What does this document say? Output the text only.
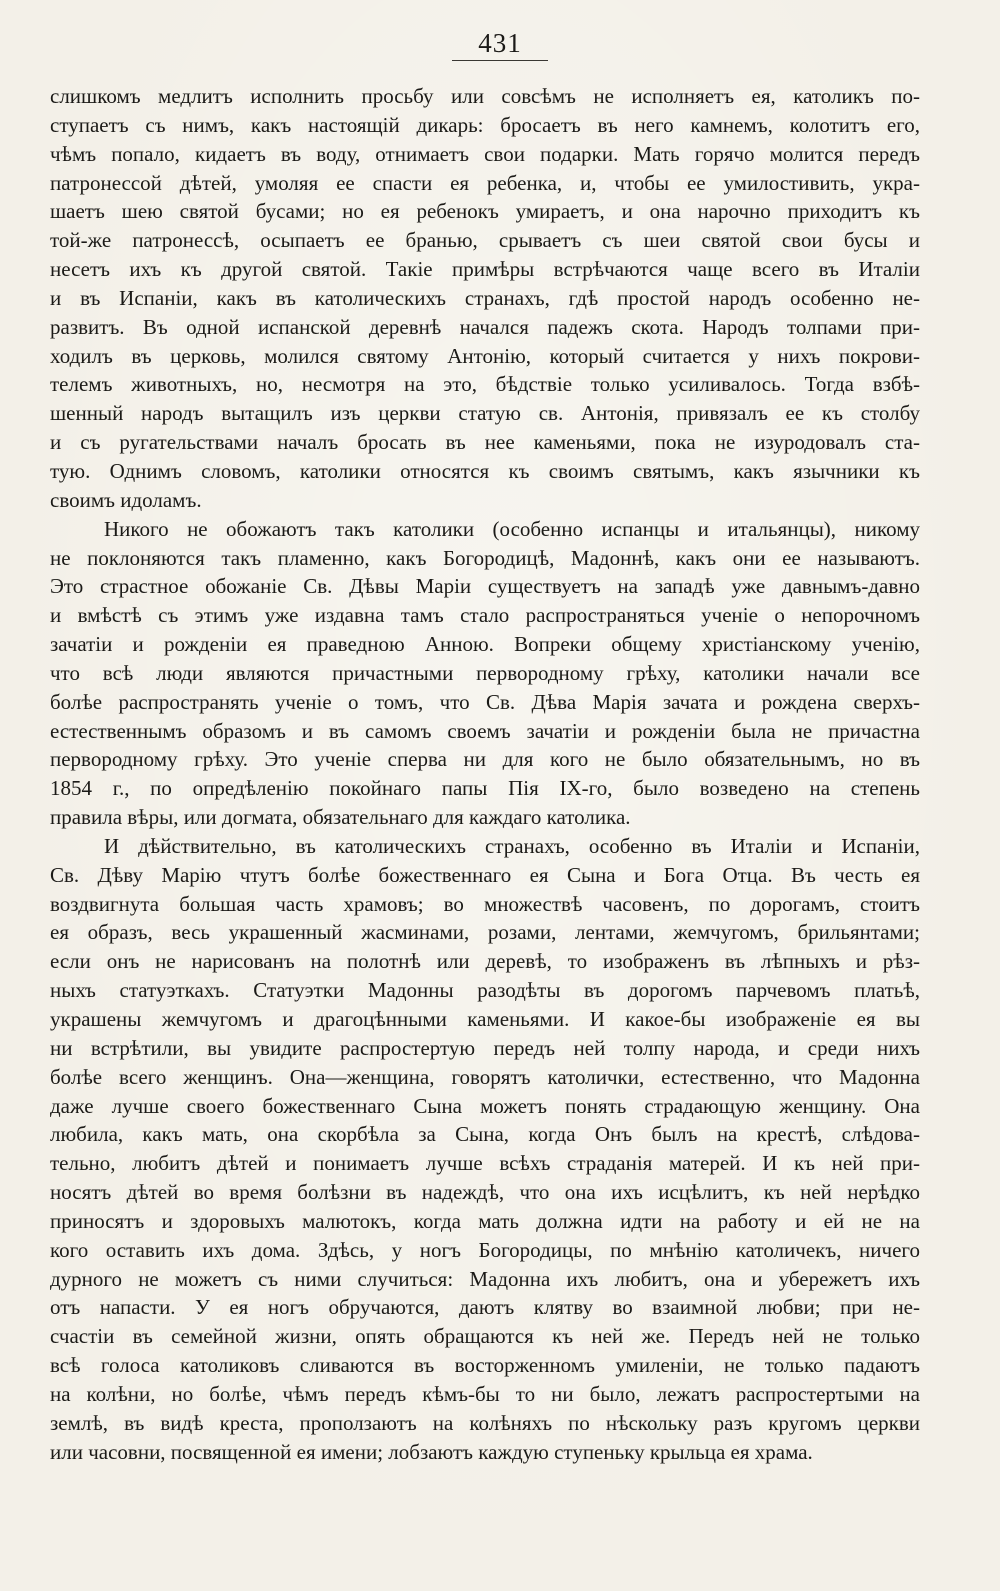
431
слишкомъ медлитъ исполнить просьбу или совсѣмъ не исполняетъ ея, католикъ по-
ступаетъ съ нимъ, какъ настоящій дикарь: бросаетъ въ него камнемъ, колотитъ его,
чѣмъ попало, кидаетъ въ воду, отнимаетъ свои подарки. Мать горячо молится передъ
патронессой дѣтей, умоляя ее спасти ея ребенка, и, чтобы ее умилостивить, укра-
шаетъ шею святой бусами; но ея ребенокъ умираетъ, и она нарочно приходитъ къ
той-же патронессѣ, осыпаетъ ее бранью, срываетъ съ шеи святой свои бусы и
несетъ ихъ къ другой святой. Такіе примѣры встрѣчаются чаще всего въ Италіи
и въ Испаніи, какъ въ католическихъ странахъ, гдѣ простой народъ особенно не-
развитъ. Въ одной испанской деревнѣ начался падежъ скота. Народъ толпами при-
ходилъ въ церковь, молился святому Антонію, который считается у нихъ покрови-
телемъ животныхъ, но, несмотря на это, бѣдствіе только усиливалось. Тогда взбѣ-
шенный народъ вытащилъ изъ церкви статую св. Антонія, привязалъ ее къ столбу
и съ ругательствами началъ бросать въ нее каменьями, пока не изуродовалъ ста-
тую. Однимъ словомъ, католики относятся къ своимъ святымъ, какъ язычники къ
своимъ идоламъ.
Никого не обожаютъ такъ католики (особенно испанцы и итальянцы), никому
не поклоняются такъ пламенно, какъ Богородицѣ, Мадоннѣ, какъ они ее называютъ.
Это страстное обожаніе Св. Дѣвы Маріи существуетъ на западѣ уже давнымъ-давно
и вмѣстѣ съ этимъ уже издавна тамъ стало распространяться ученіе о непорочномъ
зачатіи и рожденіи ея праведною Анною. Вопреки общему христіанскому ученію,
что всѣ люди являются причастными первородному грѣху, католики начали все
болѣе распространять ученіе о томъ, что Св. Дѣва Марія зачата и рождена сверхъ-
естественнымъ образомъ и въ самомъ своемъ зачатіи и рожденіи была не причастна
первородному грѣху. Это ученіе сперва ни для кого не было обязательнымъ, но въ
1854 г., по опредѣленію покойнаго папы Пія IX-го, было возведено на степень
правила вѣры, или догмата, обязательнаго для каждаго католика.
И дѣйствительно, въ католическихъ странахъ, особенно въ Италіи и Испаніи,
Св. Дѣву Марію чтутъ болѣе божественнаго ея Сына и Бога Отца. Въ честь ея
воздвигнута большая часть храмовъ; во множествѣ часовенъ, по дорогамъ, стоитъ
ея образъ, весь украшенный жасминами, розами, лентами, жемчугомъ, брильянтами;
если онъ не нарисованъ на полотнѣ или деревѣ, то изображенъ въ лѣпныхъ и рѣз-
ныхъ статуэткахъ. Статуэтки Мадонны разодѣты въ дорогомъ парчевомъ платьѣ,
украшены жемчугомъ и драгоцѣнными каменьями. И какое-бы изображеніе ея вы
ни встрѣтили, вы увидите распростертую передъ ней толпу народа, и среди нихъ
болѣе всего женщинъ. Она—женщина, говорятъ католички, естественно, что Мадонна
даже лучше своего божественнаго Сына можетъ понять страдающую женщину. Она
любила, какъ мать, она скорбѣла за Сына, когда Онъ былъ на крестѣ, слѣдова-
тельно, любитъ дѣтей и понимаетъ лучше всѣхъ страданія матерей. И къ ней при-
носятъ дѣтей во время болѣзни въ надеждѣ, что она ихъ исцѣлитъ, къ ней нерѣдко
приносятъ и здоровыхъ малютокъ, когда мать должна идти на работу и ей не на
кого оставить ихъ дома. Здѣсь, у ногъ Богородицы, по мнѣнію католичекъ, ничего
дурного не можетъ съ ними случиться: Мадонна ихъ любитъ, она и убережетъ ихъ
отъ напасти. У ея ногъ обручаются, даютъ клятву во взаимной любви; при не-
счастіи въ семейной жизни, опять обращаются къ ней же. Передъ ней не только
всѣ голоса католиковъ сливаются въ восторженномъ умиленіи, не только падаютъ
на колѣни, но болѣе, чѣмъ передъ кѣмъ-бы то ни было, лежатъ распростертыми на
землѣ, въ видѣ креста, проползаютъ на колѣняхъ по нѣскольку разъ кругомъ церкви
или часовни, посвященной ея имени; лобзаютъ каждую ступеньку крыльца ея храма.
